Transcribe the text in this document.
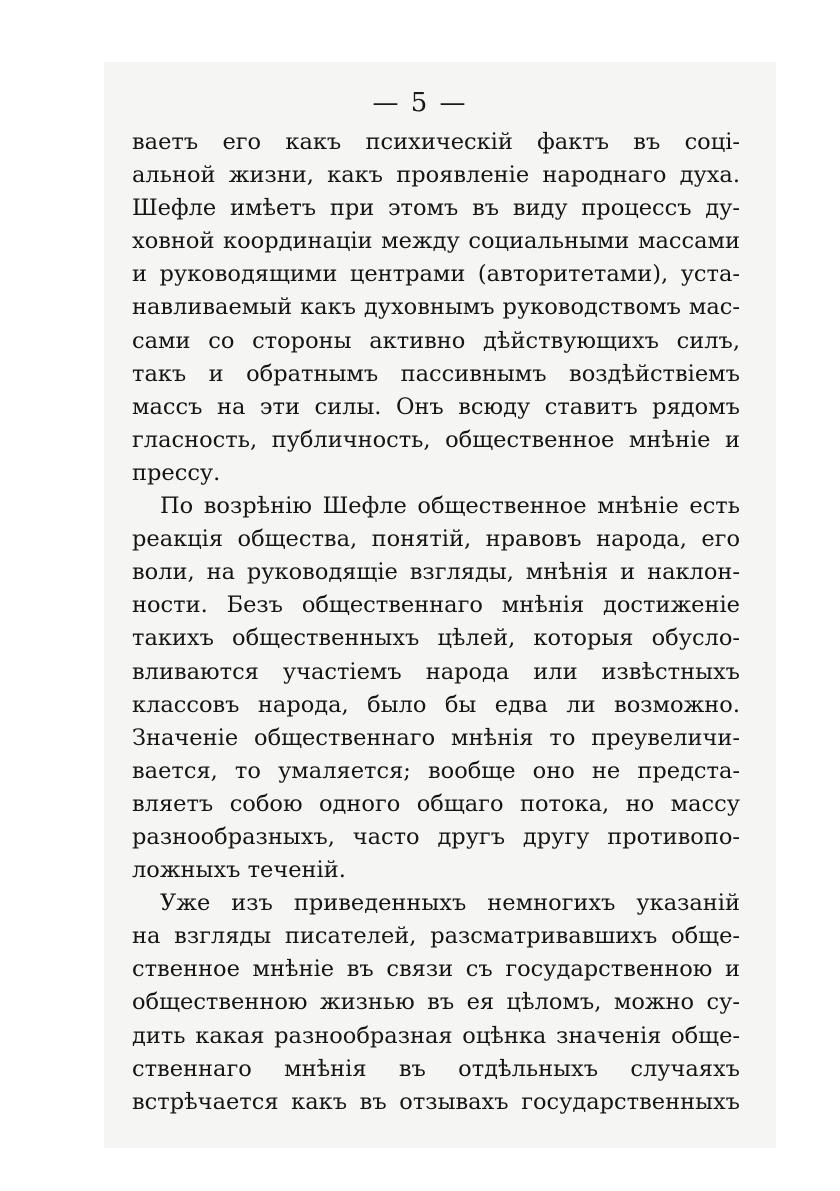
— 5 —
ваетъ его какъ психическій фактъ въ соці-
альной жизни, какъ проявленіе народнаго духа.
Шефле имѣетъ при этомъ въ виду процессъ ду-
ховной координаціи между социальными массами
и руководящими центрами (авторитетами), уста-
навливаемый какъ духовнымъ руководствомъ мас-
сами со стороны активно дѣйствующихъ силъ,
такъ и обратнымъ пассивнымъ воздѣйствіемъ
массъ на эти силы. Онъ всюду ставитъ рядомъ
гласность, публичность, общественное мнѣніе и
прессу.
По возрѣнію Шефле общественное мнѣніе есть
реакція общества, понятій, нравовъ народа, его
воли, на руководящіе взгляды, мнѣнія и наклон-
ности. Безъ общественнаго мнѣнія достиженіе
такихъ общественныхъ цѣлей, которыя обусло-
вливаются участіемъ народа или извѣстныхъ
классовъ народа, было бы едва ли возможно.
Значеніе общественнаго мнѣнія то преувеличи-
вается, то умаляется; вообще оно не предста-
вляетъ собою одного общаго потока, но массу
разнообразныхъ, часто другъ другу противопо-
ложныхъ теченій.
Уже изъ приведенныхъ немногихъ указаній
на взгляды писателей, разсматривавшихъ обще-
ственное мнѣніе въ связи съ государственною и
общественною жизнью въ ея цѣломъ, можно су-
дить какая разнообразная оцѣнка значенія обще-
ственнаго мнѣнія въ отдѣльныхъ случаяхъ
встрѣчается какъ въ отзывахъ государственныхъ
